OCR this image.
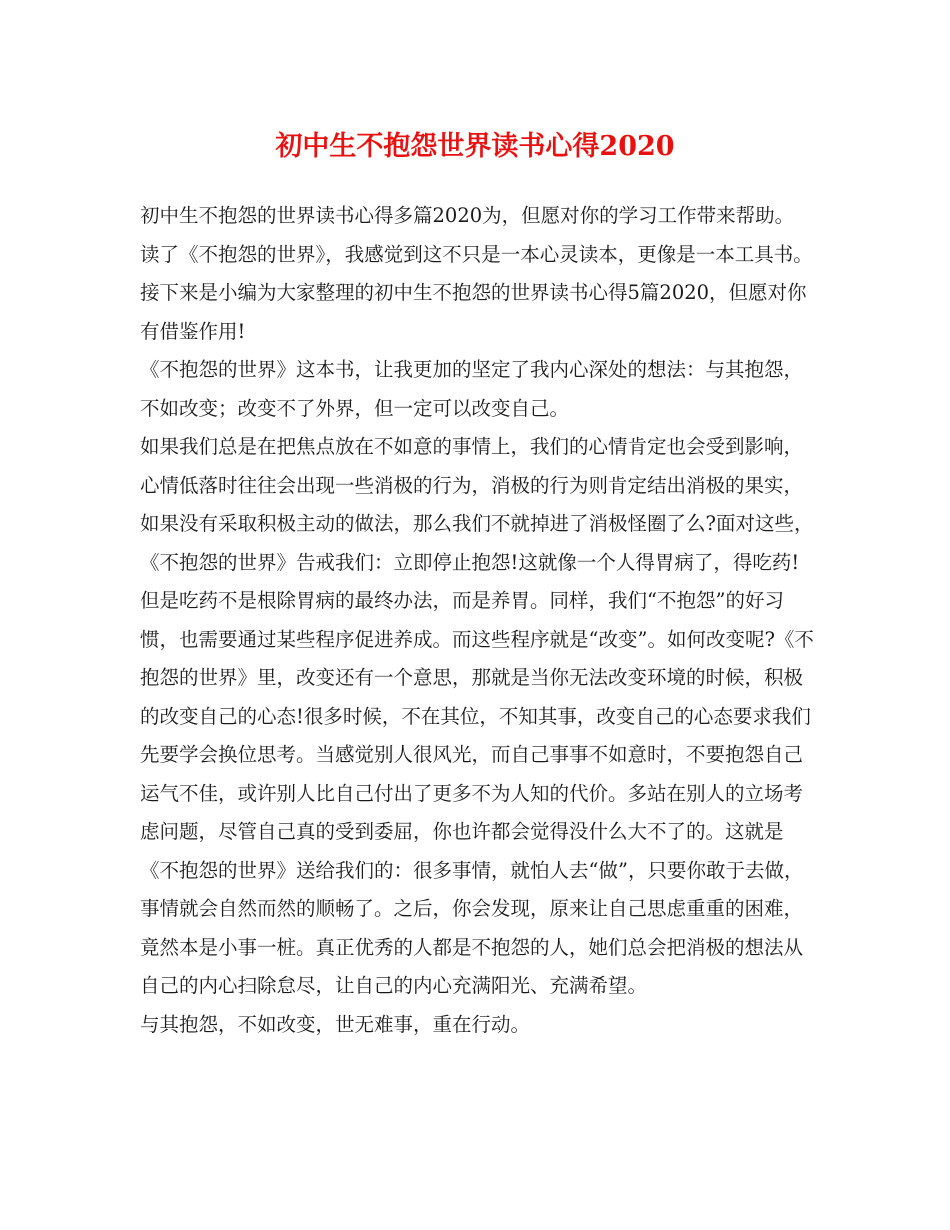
初中生不抱怨世界读书心得2020

初中生不抱怨的世界读书心得多篇2020为，但愿对你的学习工作带来帮助。

读了《不抱怨的世界》，我感觉到这不只是一本心灵读本，更像是一本工具书。接下来是小编为大家整理的初中生不抱怨的世界读书心得5篇2020，但愿对你有借鉴作用!

《不抱怨的世界》这本书，让我更加的坚定了我内心深处的想法：与其抱怨，不如改变；改变不了外界，但一定可以改变自己。

如果我们总是在把焦点放在不如意的事情上，我们的心情肯定也会受到影响，心情低落时往往会出现一些消极的行为，消极的行为则肯定结出消极的果实，如果没有采取积极主动的做法，那么我们不就掉进了消极怪圈了么?面对这些，《不抱怨的世界》告戒我们：立即停止抱怨!这就像一个人得胃病了，得吃药!但是吃药不是根除胃病的最终办法，而是养胃。同样，我们“不抱怨”的好习惯，也需要通过某些程序促进养成。而这些程序就是“改变”。如何改变呢?《不抱怨的世界》里，改变还有一个意思，那就是当你无法改变环境的时候，积极的改变自己的心态!很多时候，不在其位，不知其事，改变自己的心态要求我们先要学会换位思考。当感觉别人很风光，而自己事事不如意时，不要抱怨自己运气不佳，或许别人比自己付出了更多不为人知的代价。多站在别人的立场考虑问题，尽管自己真的受到委屈，你也许都会觉得没什么大不了的。这就是《不抱怨的世界》送给我们的：很多事情，就怕人去“做”，只要你敢于去做，事情就会自然而然的顺畅了。之后，你会发现，原来让自己思虑重重的困难，竟然本是小事一桩。真正优秀的人都是不抱怨的人，她们总会把消极的想法从自己的内心扫除怠尽，让自己的内心充满阳光、充满希望。

与其抱怨，不如改变，世无难事，重在行动。
